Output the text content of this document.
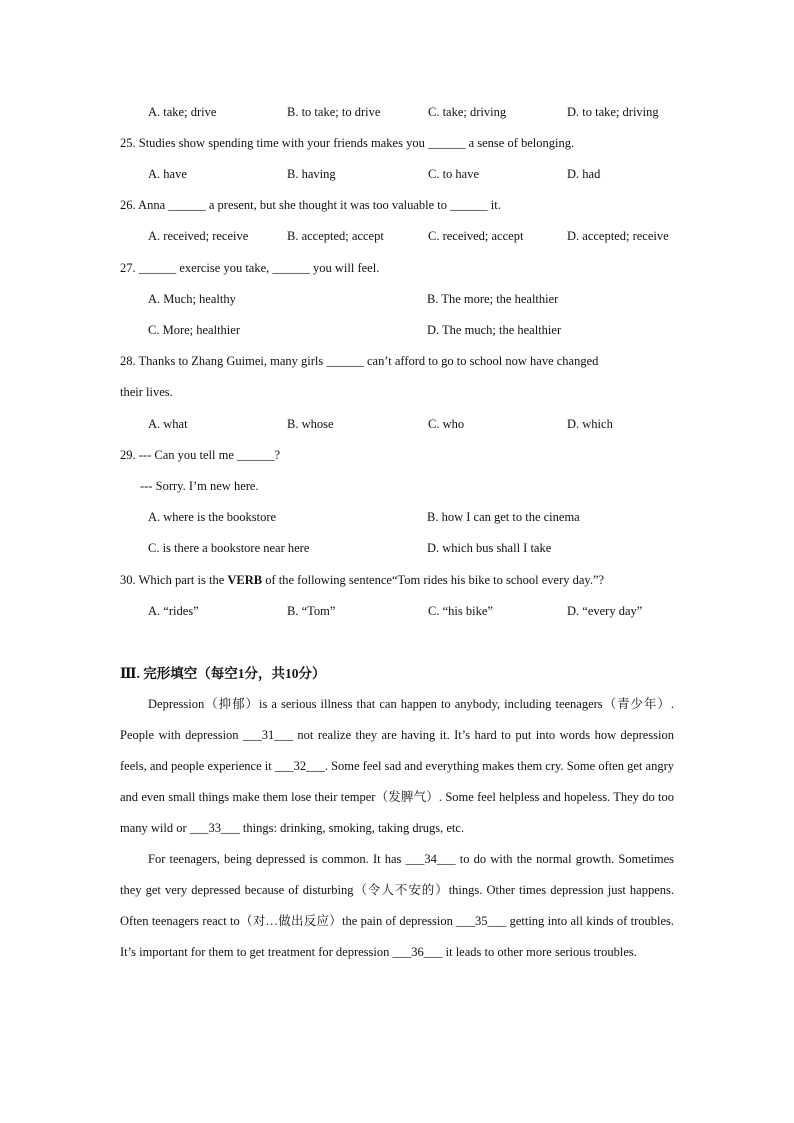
A. take; drive	B. to take; to drive	C. take; driving	D. to take; driving
25. Studies show spending time with your friends makes you ______ a sense of belonging.
A. have	B. having	C. to have	D. had
26. Anna ______ a present, but she thought it was too valuable to ______ it.
A. received; receive	B. accepted; accept	C. received; accept	D. accepted; receive
27. ______ exercise you take, ______ you will feel.
A. Much; healthy	B. The more; the healthier
C. More; healthier	D. The much; the healthier
28. Thanks to Zhang Guimei, many girls ______ can’t afford to go to school now have changed
their lives.
A. what	B. whose	C. who	D. which
29. --- Can you tell me ______?
--- Sorry. I’m new here.
A. where is the bookstore	B. how I can get to the cinema
C. is there a bookstore near here	D. which bus shall I take
30. Which part is the VERB of the following sentence“Tom rides his bike to school every day.”?
A. “rides”	B. “Tom”	C. “his bike”	D. “every day”
Ⅲ. 完形填空（每空1分，共10分）

Depression（抑郁）is a serious illness that can happen to anybody, including teenagers（青少年）. People with depression ___31___ not realize they are having it. It’s hard to put into words how depression feels, and people experience it ___32___. Some feel sad and everything makes them cry. Some often get angry and even small things make them lose their temper（发脾气）. Some feel helpless and hopeless. They do too many wild or ___33___ things: drinking, smoking, taking drugs, etc.

For teenagers, being depressed is common. It has ___34___ to do with the normal growth. Sometimes they get very depressed because of disturbing（令人不安的）things. Other times depression just happens. Often teenagers react to（对…做出反应）the pain of depression ___35___ getting into all kinds of troubles. It’s important for them to get treatment for depression ___36___ it leads to other more serious troubles.
